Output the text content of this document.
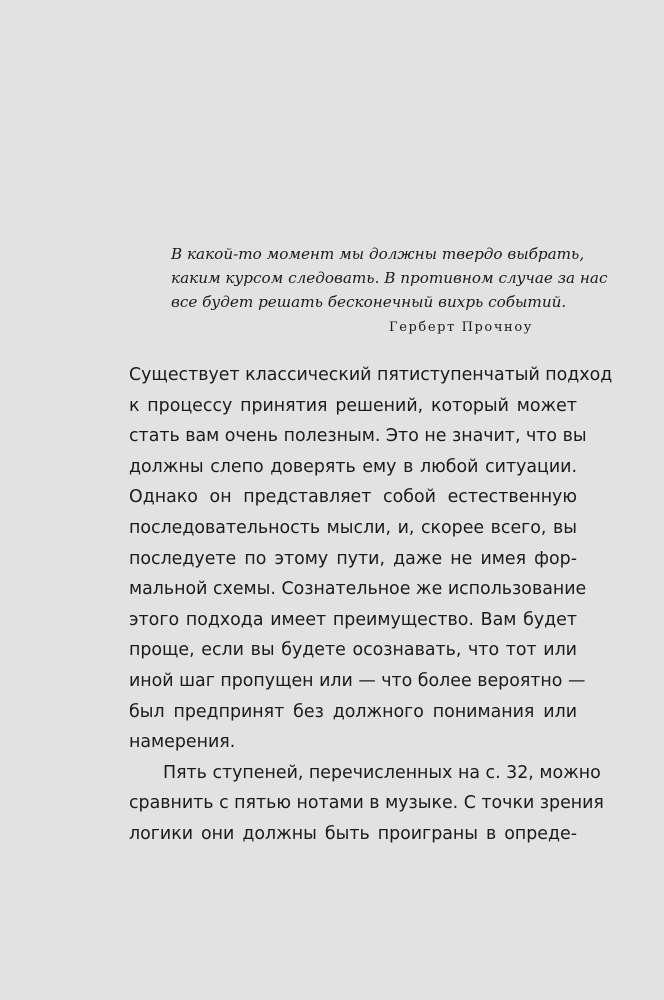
В какой-то момент мы должны твердо выбрать,
каким курсом следовать. В противном случае за нас
все будет решать бесконечный вихрь событий.
Герберт Прочноу
Существует классический пятиступенчатый подход
к процессу принятия решений, который может
стать вам очень полезным. Это не значит, что вы
должны слепо доверять ему в любой ситуации.
Однако он представляет собой естественную
последовательность мысли, и, скорее всего, вы
последуете по этому пути, даже не имея фор-
мальной схемы. Сознательное же использование
этого подхода имеет преимущество. Вам будет
проще, если вы будете осознавать, что тот или
иной шаг пропущен или — что более вероятно —
был предпринят без должного понимания или
намерения.
Пять ступеней, перечисленных на с. 32, можно
сравнить с пятью нотами в музыке. С точки зрения
логики они должны быть проиграны в опреде-
